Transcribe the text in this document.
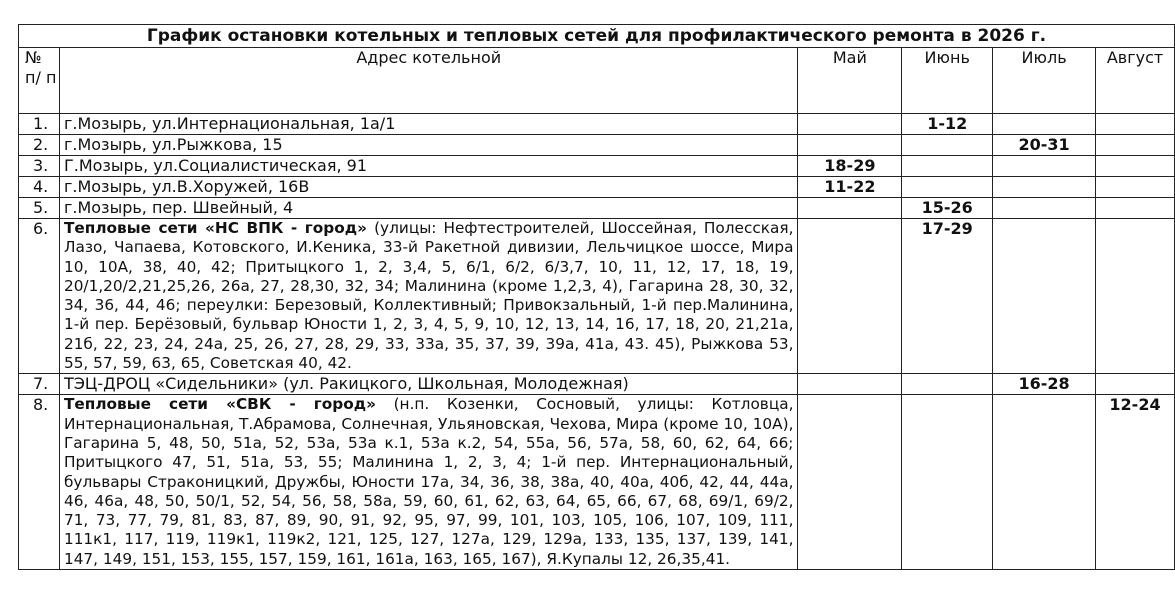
График остановки котельных и тепловых сетей для профилактического ремонта в 2026 г.					
№ п/ п	Адрес котельной	Май	Июнь	Июль	Август
1.	г.Мозырь, ул.Интернациональная, 1а/1		1-12		
2.	г.Мозырь, ул.Рыжкова, 15			20-31	
3.	Г.Мозырь, ул.Социалистическая, 91	18-29			
4.	г.Мозырь, ул.В.Хоружей, 16В	11-22			
5.	г.Мозырь, пер. Швейный, 4		15-26		
6.	Тепловые сети «НС ВПК - город» (улицы: Нефтестроителей, Шоссейная, Полесская, Лазо, Чапаева, Котовского, И.Кеника, 33-й Ракетной дивизии, Лельчицкое шоссе, Мира 10, 10А, 38, 40, 42; Притыцкого 1, 2, 3,4, 5, 6/1, 6/2, 6/3,7, 10, 11, 12, 17, 18, 19, 20/1,20/2,21,25,26, 26а, 27, 28,30, 32, 34; Малинина (кроме 1,2,3, 4), Гагарина 28, 30, 32, 34, 36, 44, 46; переулки: Березовый, Коллективный; Привокзальный, 1-й пер.Малинина, 1-й пер. Берёзовый, бульвар Юности 1, 2, 3, 4, 5, 9, 10, 12, 13, 14, 16, 17, 18, 20, 21,21а, 21б, 22, 23, 24, 24а, 25, 26, 27, 28, 29, 33, 33а, 35, 37, 39, 39а, 41а, 43. 45), Рыжкова 53, 55, 57, 59, 63, 65, Советская 40, 42.		17-29		
7.	ТЭЦ-ДРОЦ «Сидельники» (ул. Ракицкого, Школьная, Молодежная)			16-28	
8.	Тепловые сети «СВК - город» (н.п. Козенки, Сосновый, улицы: Котловца, Интернациональная, Т.Абрамова, Солнечная, Ульяновская, Чехова, Мира (кроме 10, 10А), Гагарина 5, 48, 50, 51а, 52, 53а, 53а к.1, 53а к.2, 54, 55а, 56, 57а, 58, 60, 62, 64, 66; Притыцкого 47, 51, 51а, 53, 55; Малинина 1, 2, 3, 4; 1-й пер. Интернациональный, бульвары Страконицкий, Дружбы, Юности 17а, 34, 36, 38, 38а, 40, 40а, 40б, 42, 44, 44а, 46, 46а, 48, 50, 50/1, 52, 54, 56, 58, 58а, 59, 60, 61, 62, 63, 64, 65, 66, 67, 68, 69/1, 69/2, 71, 73, 77, 79, 81, 83, 87, 89, 90, 91, 92, 95, 97, 99, 101, 103, 105, 106, 107, 109, 111, 111к1, 117, 119, 119к1, 119к2, 121, 125, 127, 127а, 129, 129а, 133, 135, 137, 139, 141, 147, 149, 151, 153, 155, 157, 159, 161, 161а, 163, 165, 167), Я.Купалы 12, 26,35,41.				12-24
